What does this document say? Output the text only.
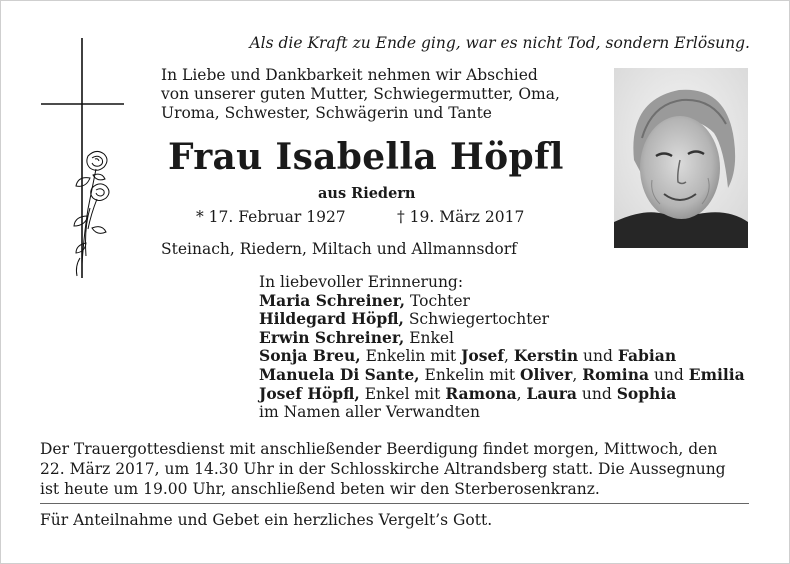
Als die Kraft zu Ende ging, war es nicht Tod, sondern Erlösung.
In Liebe und Dankbarkeit nehmen wir Abschied
von unserer guten Mutter, Schwiegermutter, Oma,
Uroma, Schwester, Schwägerin und Tante
Frau Isabella Höpfl
aus Riedern
* 17. Februar 1927	† 19. März 2017
Steinach, Riedern, Miltach und Allmannsdorf
In liebevoller Erinnerung:
Maria Schreiner, Tochter
Hildegard Höpfl, Schwiegertochter
Erwin Schreiner, Enkel
Sonja Breu, Enkelin mit Josef, Kerstin und Fabian
Manuela Di Sante, Enkelin mit Oliver, Romina und Emilia
Josef Höpfl, Enkel mit Ramona, Laura und Sophia
im Namen aller Verwandten
Der Trauergottesdienst mit anschließender Beerdigung findet morgen, Mittwoch, den
22. März 2017, um 14.30 Uhr in der Schlosskirche Altrandsberg statt. Die Aussegnung
ist heute um 19.00 Uhr, anschließend beten wir den Sterberosenkranz.
Für Anteilnahme und Gebet ein herzliches Vergelt’s Gott.
